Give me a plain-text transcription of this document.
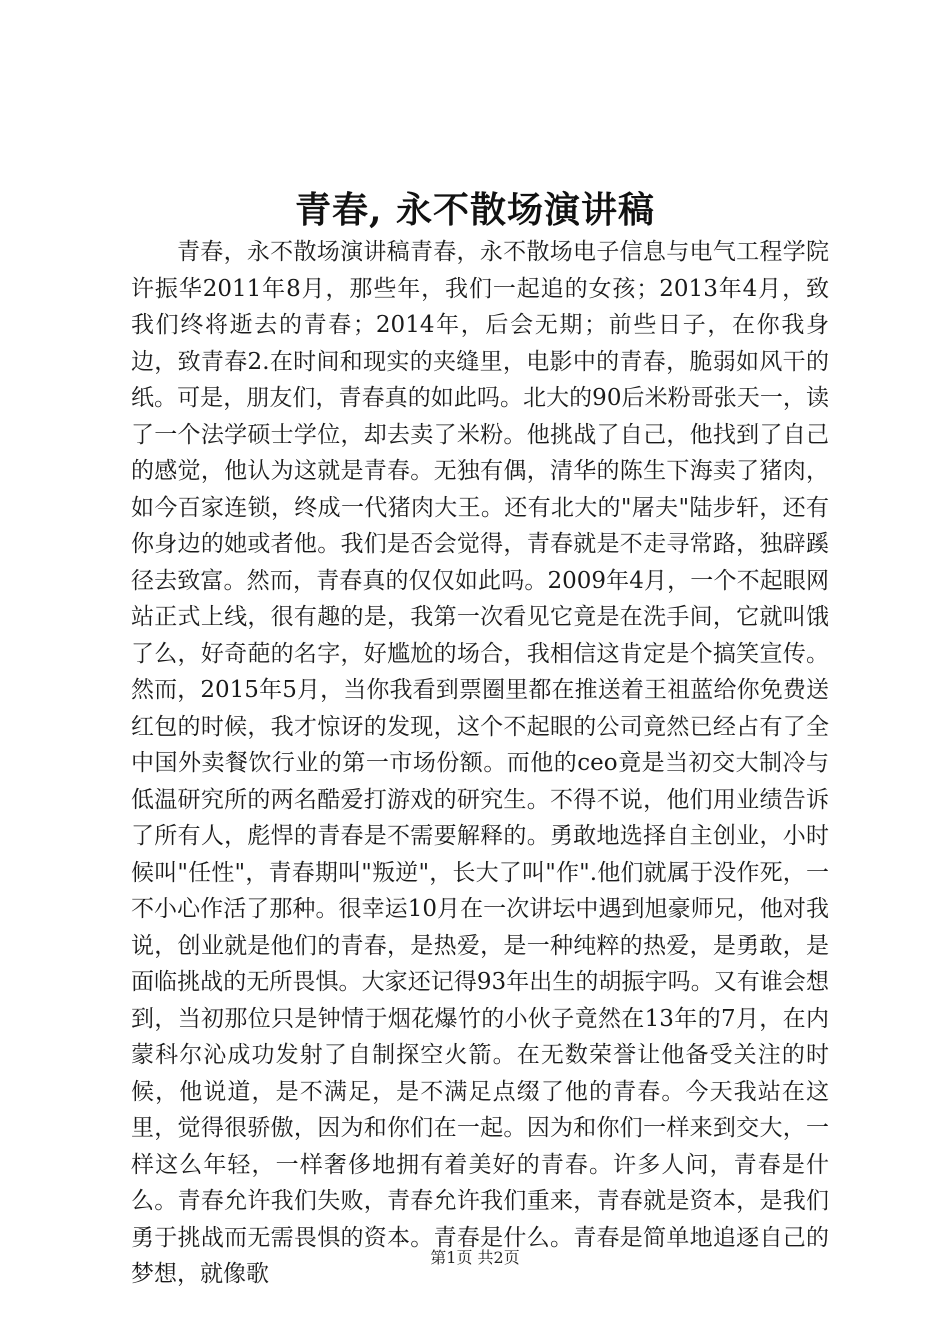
青春, 永不散场演讲稿

青春，永不散场演讲稿青春，永不散场电子信息与电气工程学院许振华2011年8月，那些年，我们一起追的女孩；2013年4月，致我们终将逝去的青春；2014年，后会无期；前些日子，在你我身边，致青春2.在时间和现实的夹缝里，电影中的青春，脆弱如风干的纸。可是，朋友们，青春真的如此吗。北大的90后米粉哥张天一，读了一个法学硕士学位，却去卖了米粉。他挑战了自己，他找到了自己的感觉，他认为这就是青春。无独有偶，清华的陈生下海卖了猪肉，如今百家连锁，终成一代猪肉大王。还有北大的"屠夫"陆步轩，还有你身边的她或者他。我们是否会觉得，青春就是不走寻常路，独辟蹊径去致富。然而，青春真的仅仅如此吗。2009年4月，一个不起眼网站正式上线，很有趣的是，我第一次看见它竟是在洗手间，它就叫饿了么，好奇葩的名字，好尴尬的场合，我相信这肯定是个搞笑宣传。然而，2015年5月，当你我看到票圈里都在推送着王祖蓝给你免费送红包的时候，我才惊讶的发现，这个不起眼的公司竟然已经占有了全中国外卖餐饮行业的第一市场份额。而他的ceo竟是当初交大制冷与低温研究所的两名酷爱打游戏的研究生。不得不说，他们用业绩告诉了所有人，彪悍的青春是不需要解释的。勇敢地选择自主创业，小时候叫"任性"，青春期叫"叛逆"，长大了叫"作".他们就属于没作死，一不小心作活了那种。很幸运10月在一次讲坛中遇到旭豪师兄，他对我说，创业就是他们的青春，是热爱，是一种纯粹的热爱，是勇敢，是面临挑战的无所畏惧。大家还记得93年出生的胡振宇吗。又有谁会想到，当初那位只是钟情于烟花爆竹的小伙子竟然在13年的7月，在内蒙科尔沁成功发射了自制探空火箭。在无数荣誉让他备受关注的时候，他说道，是不满足，是不满足点缀了他的青春。今天我站在这里，觉得很骄傲，因为和你们在一起。因为和你们一样来到交大，一样这么年轻，一样奢侈地拥有着美好的青春。许多人问，青春是什么。青春允许我们失败，青春允许我们重来，青春就是资本，是我们勇于挑战而无需畏惧的资本。青春是什么。青春是简单地追逐自己的梦想，就像歌

第1页 共2页
